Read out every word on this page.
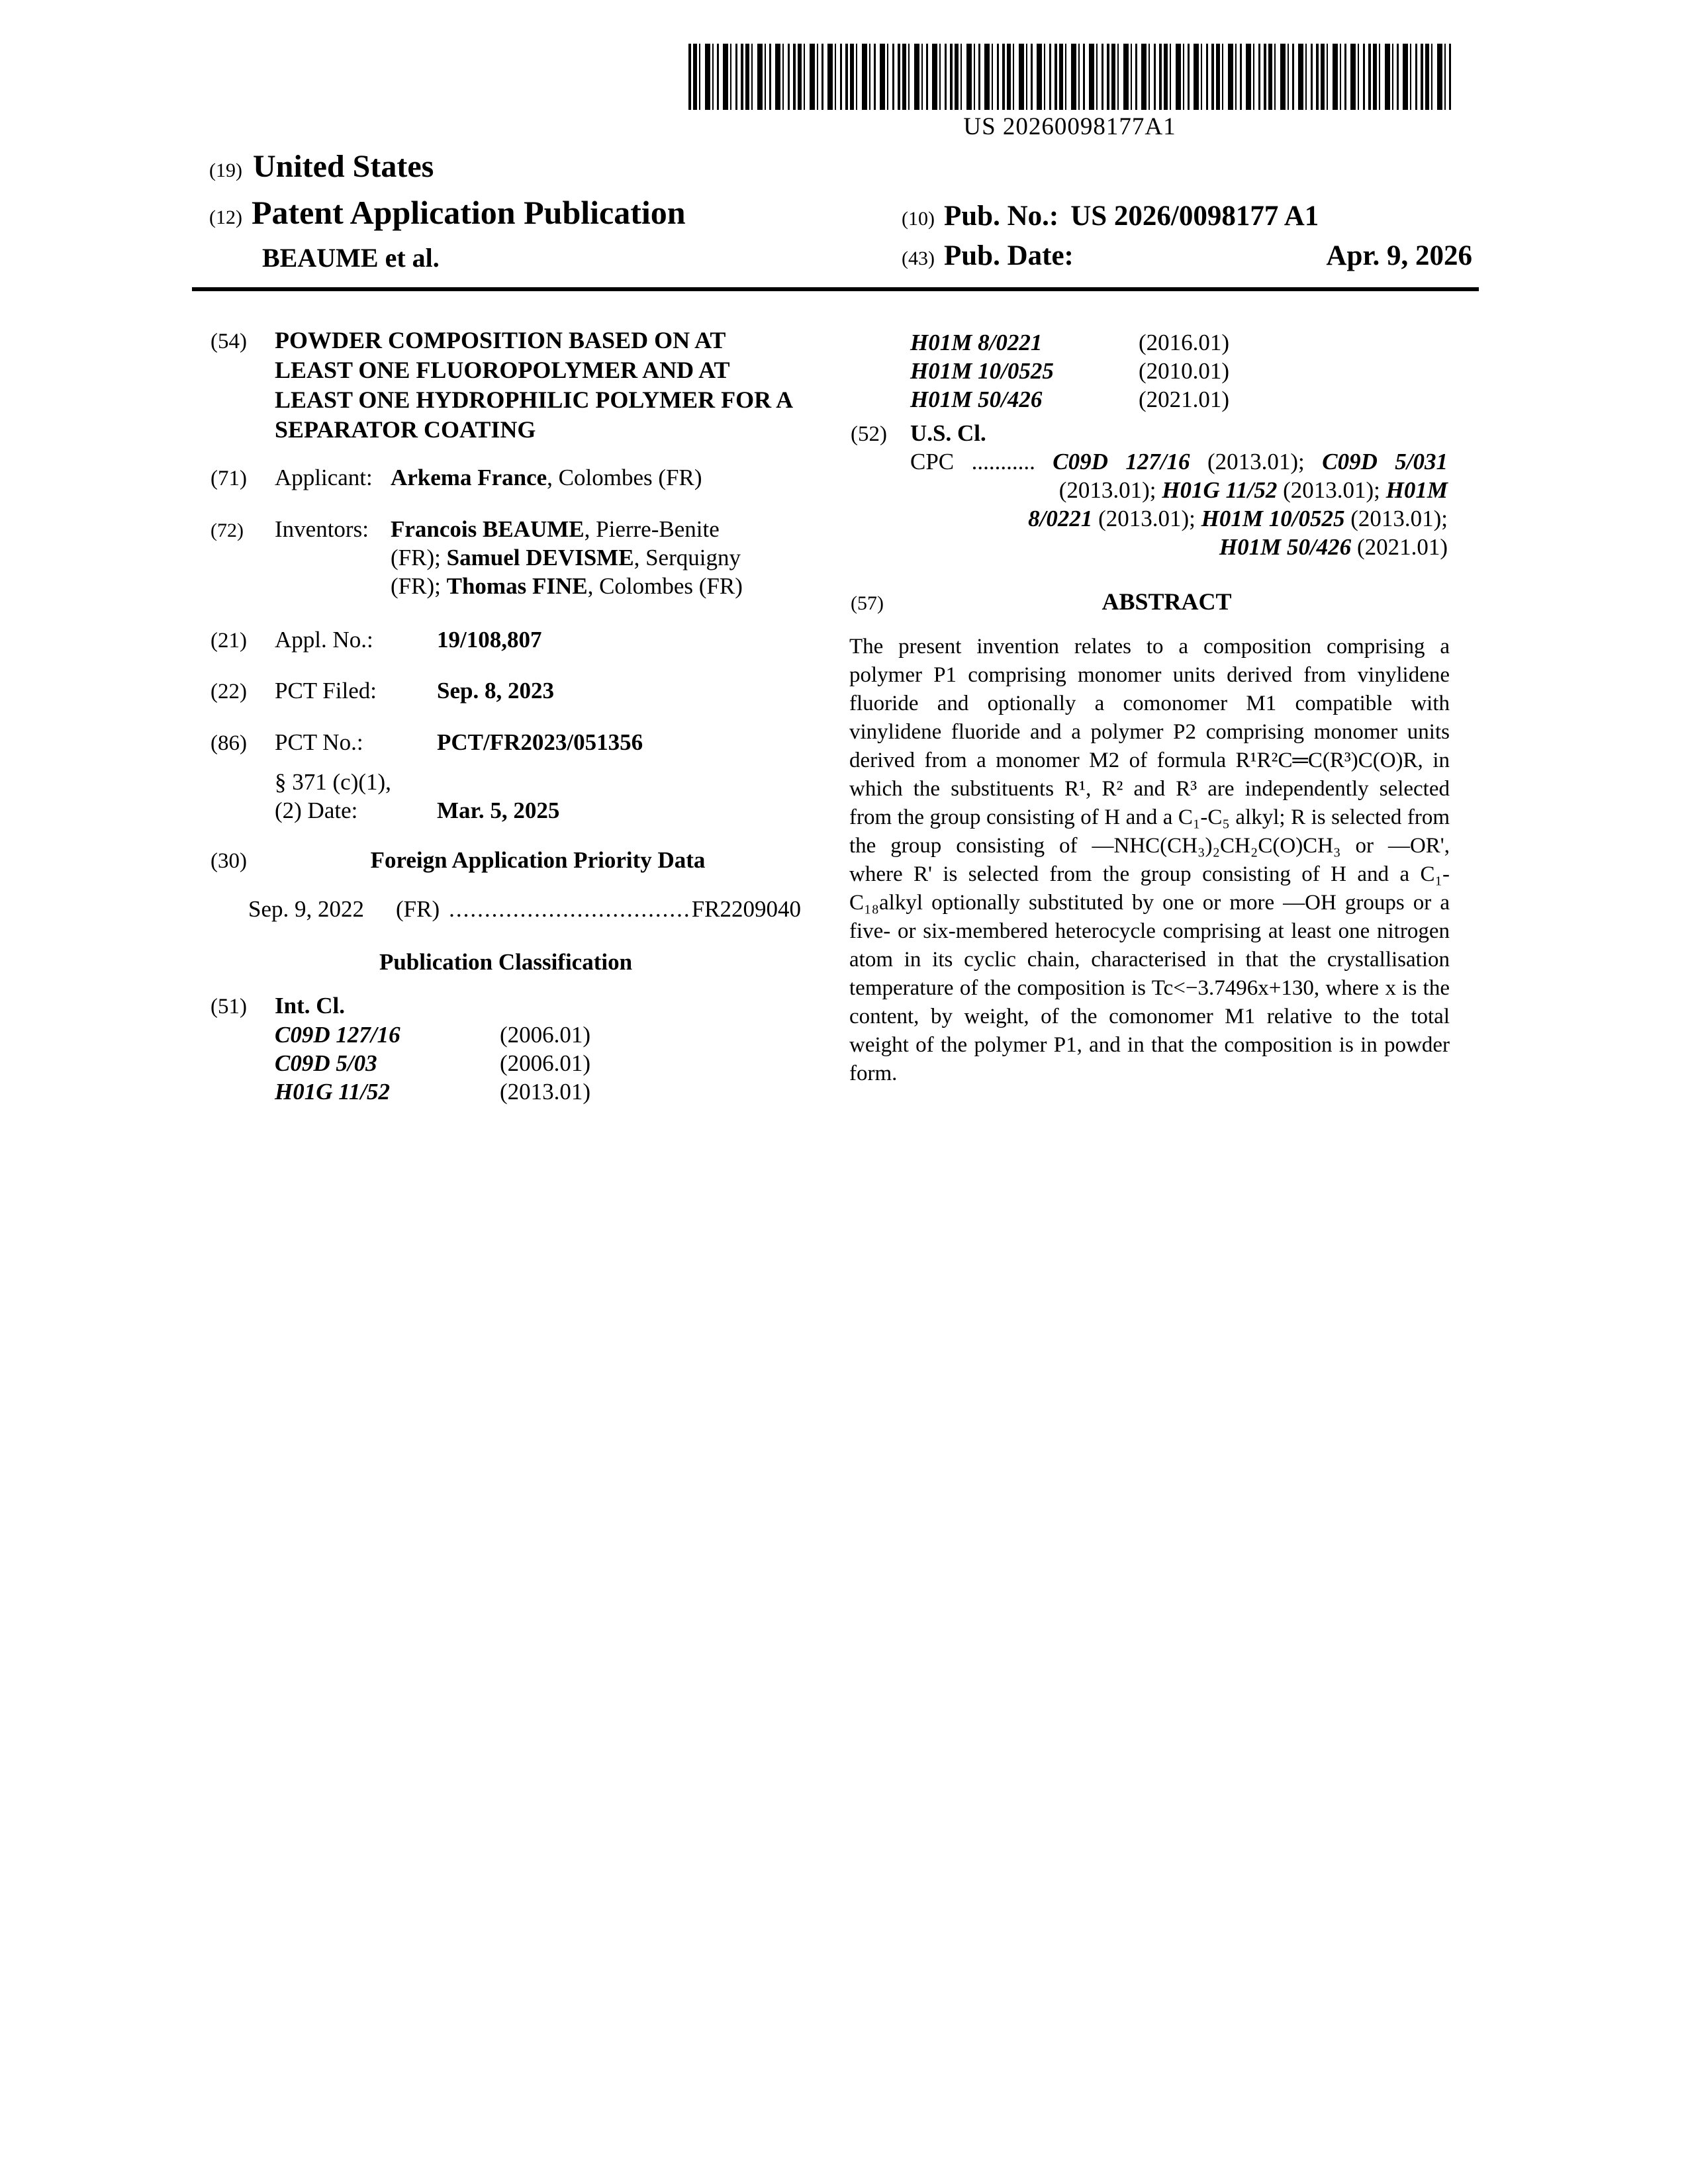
US 20260098177A1
(19) United States
(12) Patent Application Publication
BEAUME et al.
(10) Pub. No.: US 2026/0098177 A1
(43) Pub. Date:	Apr. 9, 2026
(54)	POWDER COMPOSITION BASED ON AT LEAST ONE FLUOROPOLYMER AND AT LEAST ONE HYDROPHILIC POLYMER FOR A SEPARATOR COATING
(71)	Applicant: Arkema France, Colombes (FR)
(72)	Inventors: Francois BEAUME, Pierre-Benite
(FR); Samuel DEVISME, Serquigny
(FR); Thomas FINE, Colombes (FR)
(21)	Appl. No.:	19/108,807
(22)	PCT Filed:	Sep. 8, 2023
(86)	PCT No.:	PCT/FR2023/051356
§ 371 (c)(1),
(2) Date:	Mar. 5, 2025
(30)	Foreign Application Priority Data
Sep. 9, 2022 (FR) .................................. FR2209040
Publication Classification
(51)	Int. Cl.
C09D 127/16	(2006.01)
C09D 5/03	(2006.01)
H01G 11/52	(2013.01)
H01M 8/0221	(2016.01)
H01M 10/0525	(2010.01)
H01M 50/426	(2021.01)
(52)	U.S. Cl.
CPC ........... C09D 127/16 (2013.01); C09D 5/031
(2013.01); H01G 11/52 (2013.01); H01M
8/0221 (2013.01); H01M 10/0525 (2013.01);
H01M 50/426 (2021.01)
(57)	ABSTRACT
The present invention relates to a composition comprising a polymer P1 comprising monomer units derived from vinylidene fluoride and optionally a comonomer M1 compatible with vinylidene fluoride and a polymer P2 comprising monomer units derived from a monomer M2 of formula R¹R²C═C(R³)C(O)R, in which the substituents R¹, R² and R³ are independently selected from the group consisting of H and a C₁-C₅ alkyl; R is selected from the group consisting of —NHC(CH₃)₂CH₂C(O)CH₃ or —OR', where R' is selected from the group consisting of H and a C₁-C₁₈alkyl optionally substituted by one or more —OH groups or a five- or six-membered heterocycle comprising at least one nitrogen atom in its cyclic chain, characterised in that the crystallisation temperature of the composition is Tc<−3.7496x+130, where x is the content, by weight, of the comonomer M1 relative to the total weight of the polymer P1, and in that the composition is in powder form.
